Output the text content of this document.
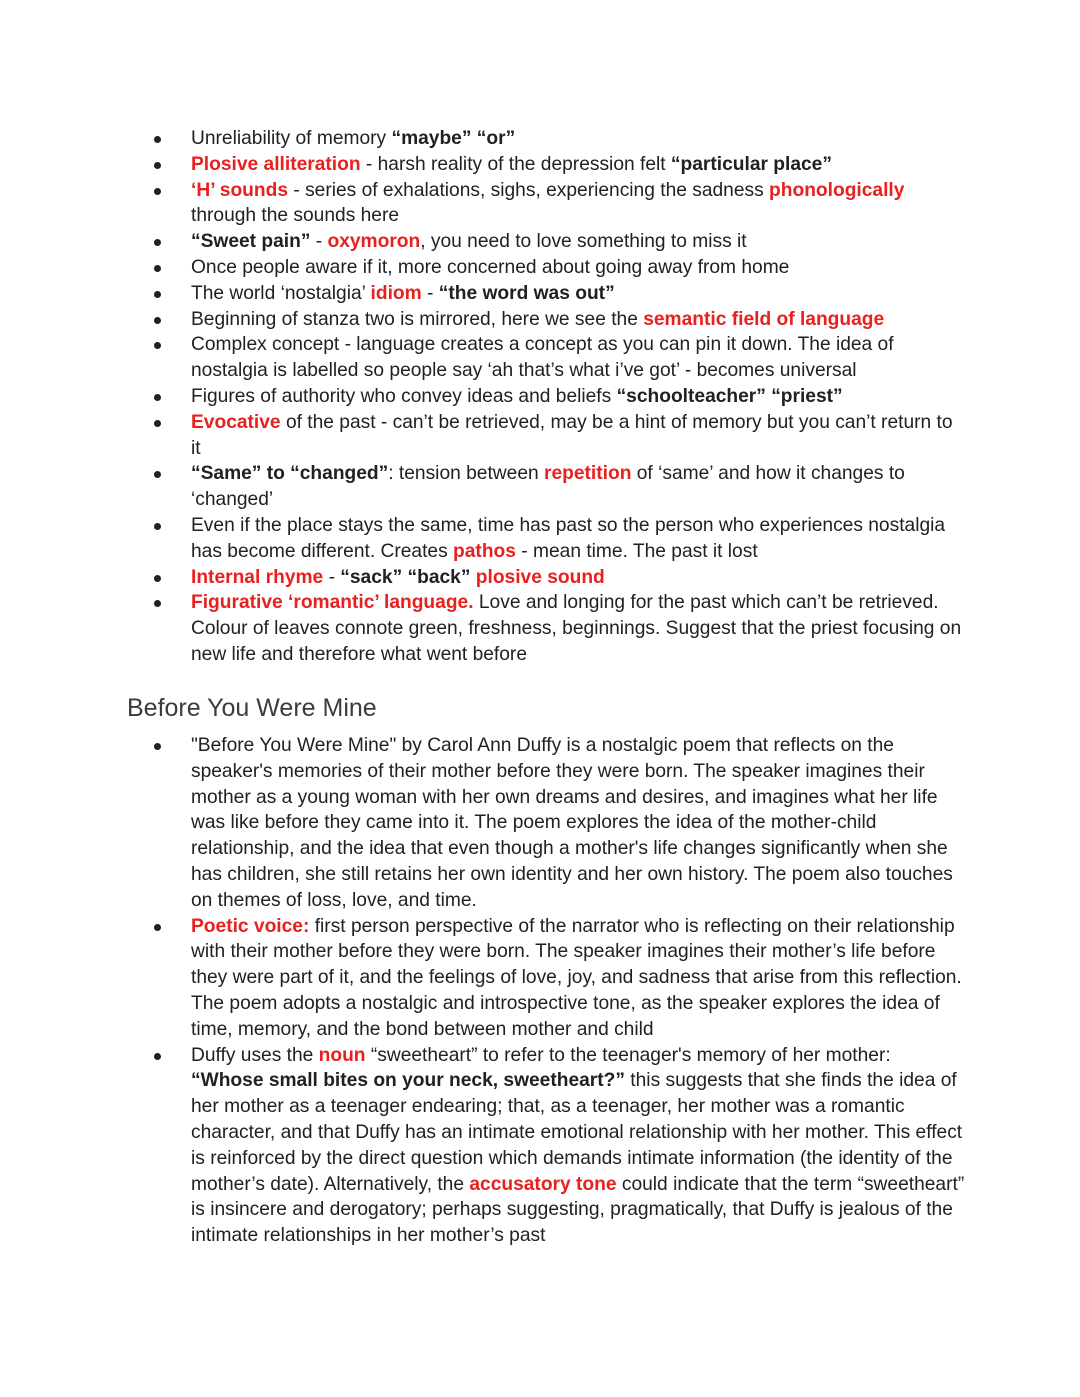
Unreliability of memory “maybe” “or”
Plosive alliteration - harsh reality of the depression felt “particular place”
‘H’ sounds - series of exhalations, sighs, experiencing the sadness phonologically through the sounds here
“Sweet pain” - oxymoron, you need to love something to miss it
Once people aware if it, more concerned about going away from home
The world ‘nostalgia’ idiom - “the word was out”
Beginning of stanza two is mirrored, here we see the semantic field of language
Complex concept - language creates a concept as you can pin it down. The idea of nostalgia is labelled so people say ‘ah that’s what i’ve got’ - becomes universal
Figures of authority who convey ideas and beliefs “schoolteacher” “priest”
Evocative of the past - can’t be retrieved, may be a hint of memory but you can’t return to it
“Same” to “changed”: tension between repetition of ‘same’ and how it changes to ‘changed’
Even if the place stays the same, time has past so the person who experiences nostalgia has become different. Creates pathos - mean time. The past it lost
Internal rhyme - “sack” “back” plosive sound
Figurative ‘romantic’ language. Love and longing for the past which can’t be retrieved. Colour of leaves connote green, freshness, beginnings. Suggest that the priest focusing on new life and therefore what went before
Before You Were Mine
"Before You Were Mine" by Carol Ann Duffy is a nostalgic poem that reflects on the speaker's memories of their mother before they were born. The speaker imagines their mother as a young woman with her own dreams and desires, and imagines what her life was like before they came into it. The poem explores the idea of the mother-child relationship, and the idea that even though a mother's life changes significantly when she has children, she still retains her own identity and her own history. The poem also touches on themes of loss, love, and time.
Poetic voice: first person perspective of the narrator who is reflecting on their relationship with their mother before they were born. The speaker imagines their mother’s life before they were part of it, and the feelings of love, joy, and sadness that arise from this reflection. The poem adopts a nostalgic and introspective tone, as the speaker explores the idea of time, memory, and the bond between mother and child
Duffy uses the noun “sweetheart” to refer to the teenager's memory of her mother: “Whose small bites on your neck, sweetheart?” this suggests that she finds the idea of her mother as a teenager endearing; that, as a teenager, her mother was a romantic character, and that Duffy has an intimate emotional relationship with her mother. This effect is reinforced by the direct question which demands intimate information (the identity of the mother’s date). Alternatively, the accusatory tone could indicate that the term “sweetheart” is insincere and derogatory; perhaps suggesting, pragmatically, that Duffy is jealous of the intimate relationships in her mother’s past
